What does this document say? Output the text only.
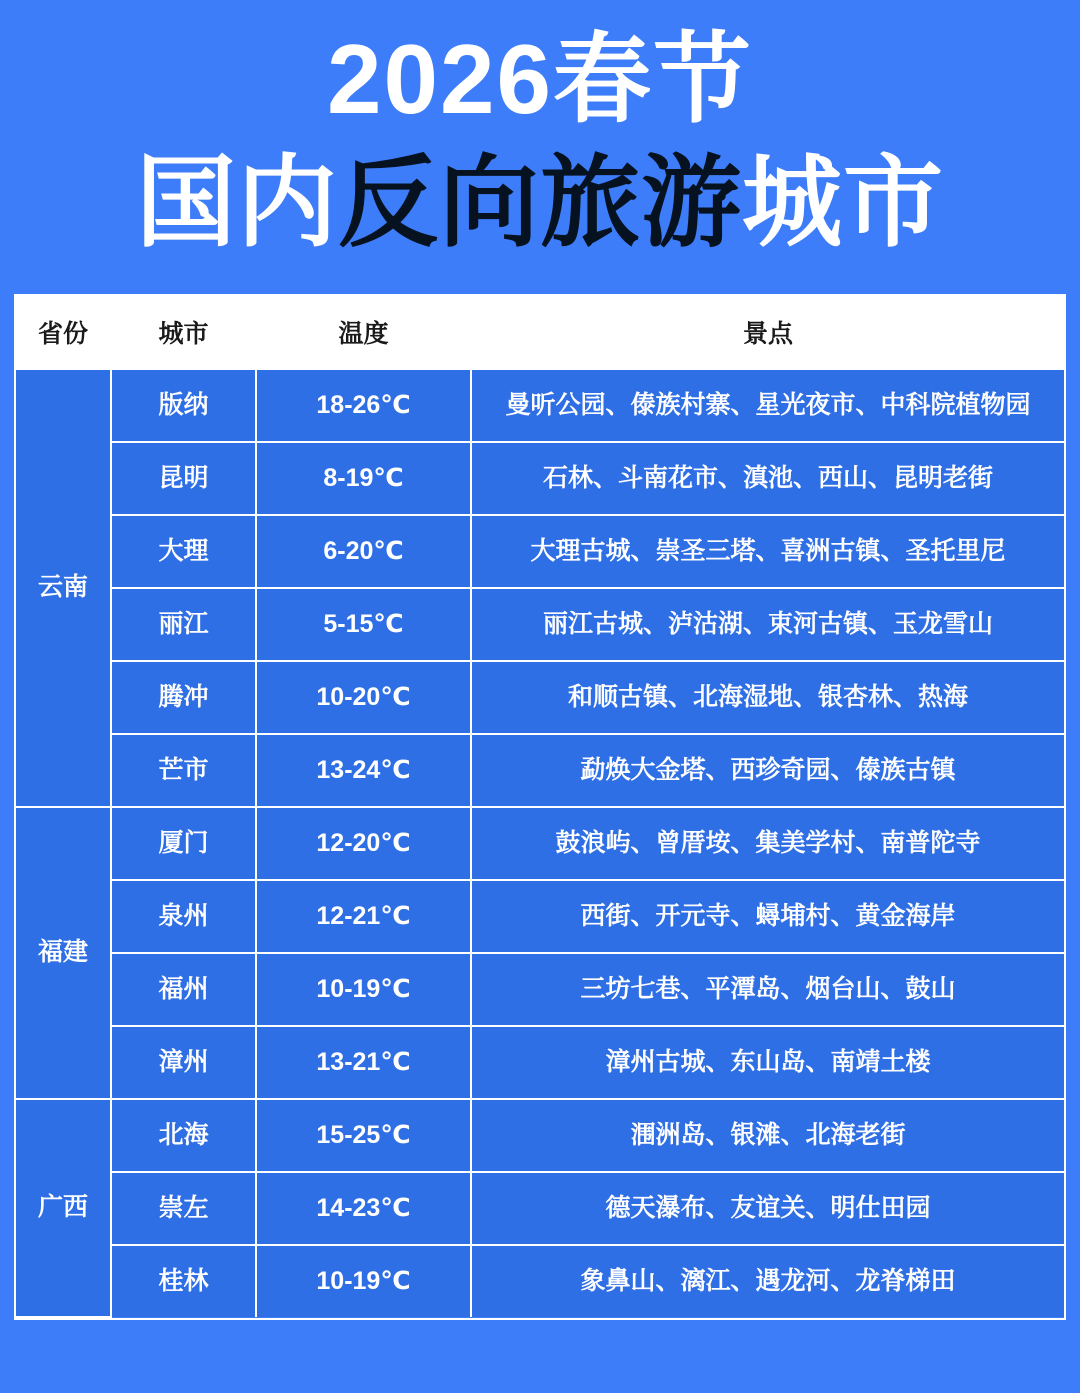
2026春节
国内反向旅游城市
省份	城市	温度	景点
云南	版纳	18-26℃	曼听公园、傣族村寨、星光夜市、中科院植物园
	昆明	8-19℃	石林、斗南花市、滇池、西山、昆明老街
	大理	6-20℃	大理古城、崇圣三塔、喜洲古镇、圣托里尼
	丽江	5-15℃	丽江古城、泸沽湖、束河古镇、玉龙雪山
	腾冲	10-20℃	和顺古镇、北海湿地、银杏林、热海
	芒市	13-24℃	勐焕大金塔、西珍奇园、傣族古镇
福建	厦门	12-20℃	鼓浪屿、曾厝垵、集美学村、南普陀寺
	泉州	12-21℃	西街、开元寺、蟳埔村、黄金海岸
	福州	10-19℃	三坊七巷、平潭岛、烟台山、鼓山
	漳州	13-21℃	漳州古城、东山岛、南靖土楼
广西	北海	15-25℃	涠洲岛、银滩、北海老街
	崇左	14-23℃	德天瀑布、友谊关、明仕田园
	桂林	10-19℃	象鼻山、漓江、遇龙河、龙脊梯田
